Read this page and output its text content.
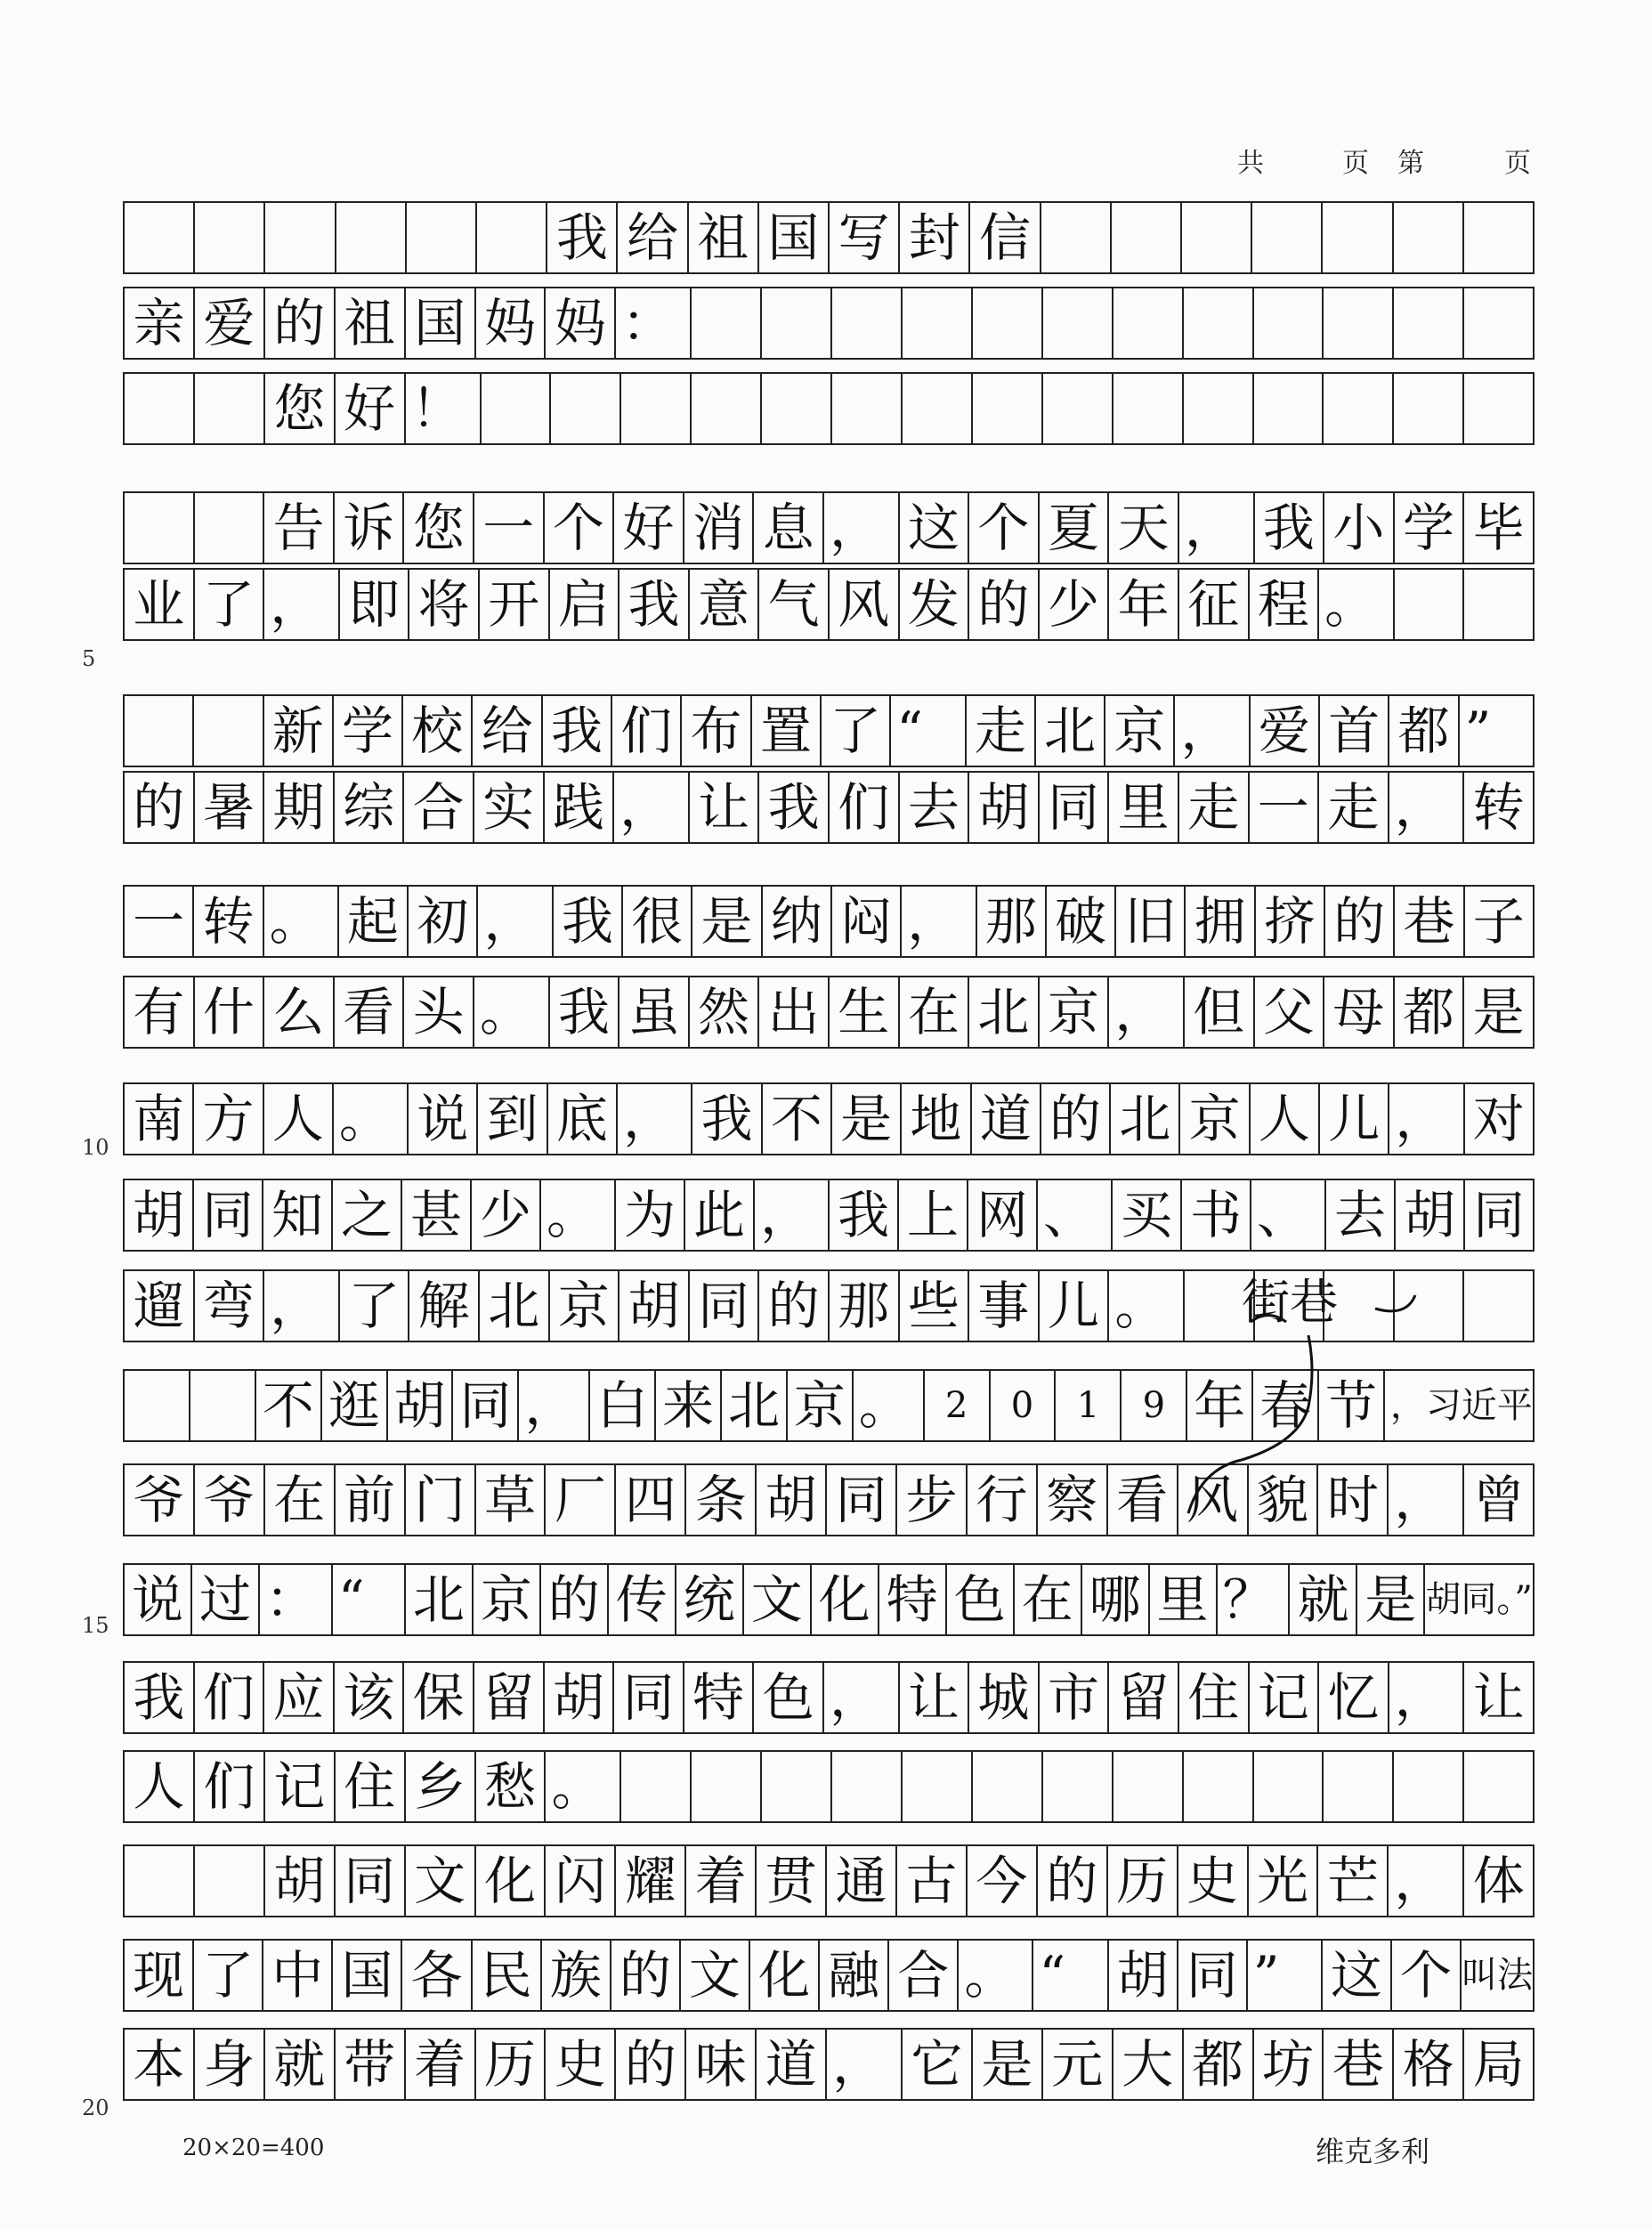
共	页 第	页
5
10
15
20
我 给 祖 国 写 封 信
亲 爱 的 祖 国 妈 妈 ：
您 好 ！
告 诉 您 一 个 好 消 息 ， 这 个 夏 天 ， 我 小 学 毕
业 了 ， 即 将 开 启 我 意 气 风 发 的 少 年 征 程 。
新 学 校 给 我 们 布 置 了 “ 走 北 京 ， 爱 首 都 ”
的 暑 期 综 合 实 践 ， 让 我 们 去 胡 同 里 走 一 走 ， 转
一 转 。 起 初 ， 我 很 是 纳 闷 ， 那 破 旧 拥 挤 的 巷 子
有 什 么 看 头 。 我 虽 然 出 生 在 北 京 ， 但 父 母 都 是
南 方 人 。 说 到 底 ， 我 不 是 地 道 的 北 京 人 儿 ， 对
胡 同 知 之 甚 少 。 为 此 ， 我 上 网 、 买 书 、 去 胡 同
遛 弯 ， 了 解 北 京 胡 同 的 那 些 事 儿 。
不 逛 胡 同 ， 白 来 北 京 。 2	0	1	9 年 春 节 ，习近平
爷 爷 在 前 门 草 厂 四 条 胡 同 步 行 察 看 风 貌 时 ， 曾
说 过 ： “ 北 京 的 传 统 文 化 特 色 在 哪 里 ？ 就 是 胡同。”
我 们 应 该 保 留 胡 同 特 色 ， 让 城 市 留 住 记 忆 ， 让
人 们 记 住 乡 愁 。
胡 同 文 化 闪 耀 着 贯 通 古 今 的 历 史 光 芒 ， 体
现 了 中 国 各 民 族 的 文 化 融 合 。 “ 胡 同 ” 这 个 叫法
本 身 就 带 着 历 史 的 味 道 ， 它 是 元 大 都 坊 巷 格 局
街巷
20×20=400	维克多利
